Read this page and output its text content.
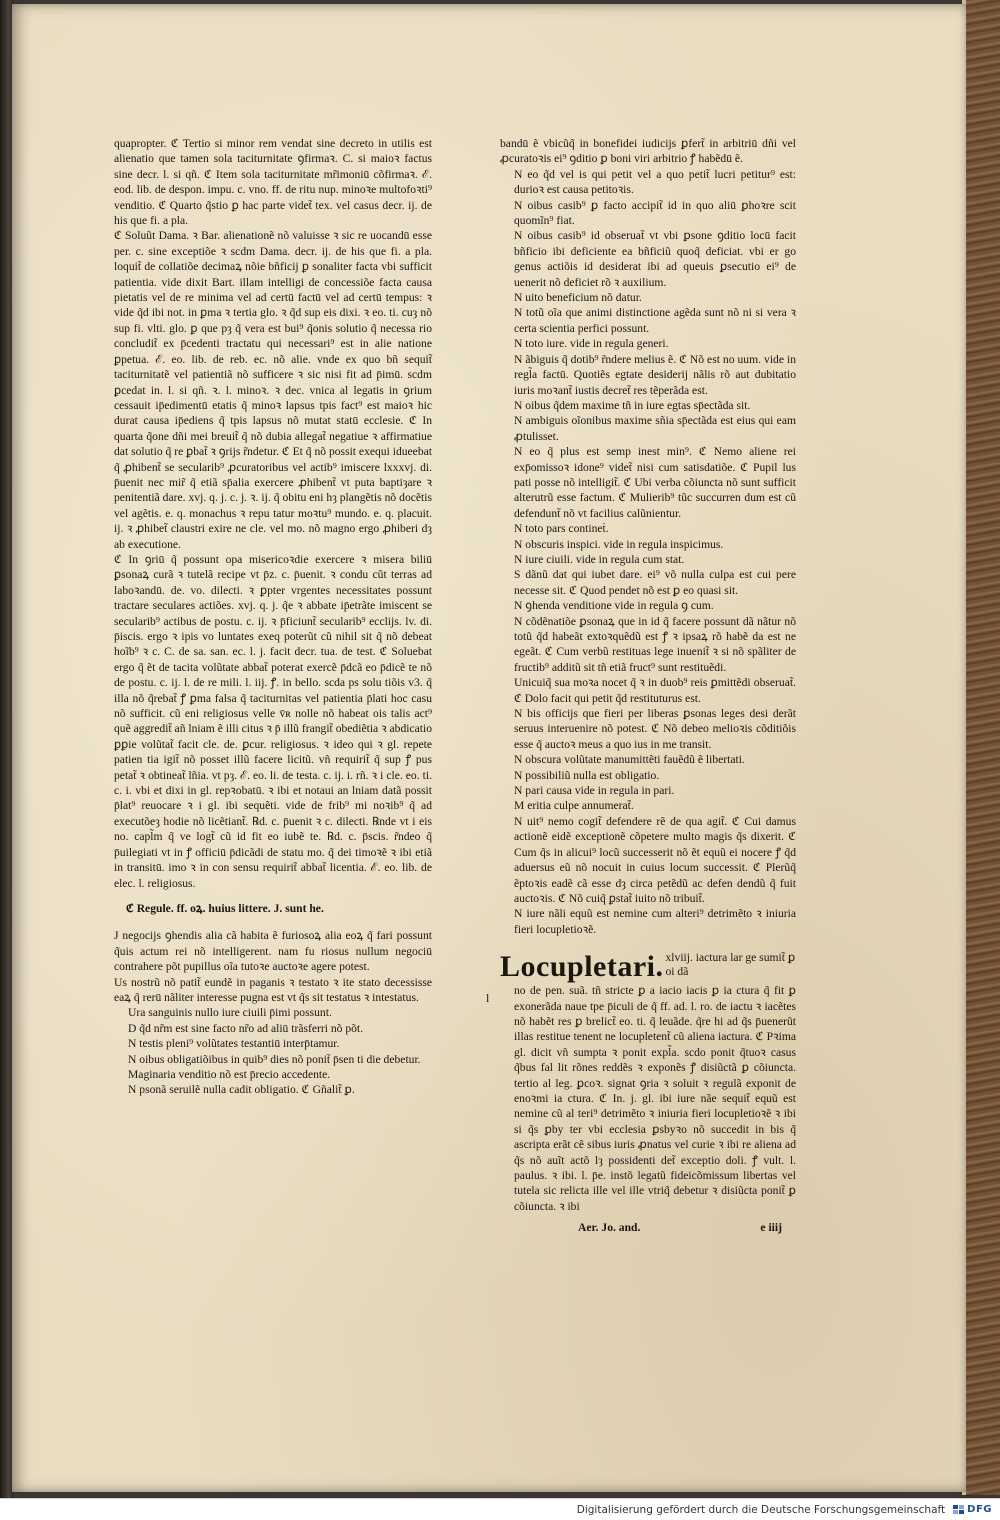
quapropter. ℭ Tertio si minor rem vendat sine decreto in utilis est alienatio que tamen sola taciturnitate ꝯfirmaꝛ. C. si maioꝛ factus sine decr. l. si qñ. ℭ Item sola taciturnitate mr̃imoniū cõfirmaꝛ. ℰ. eod. lib. de despon. impu. c. vno. ff. de ritu nup. minoꝛe multofoꝛti⁹ venditio. ℭ Quarto q̃stio ꝑ hac parte videt̃ tex. vel casus decr. ij. de his que fi. a pla.

ℭ Soluũt Dama. ꝛ Bar. alienationẽ nõ valuisse ꝛ sic re uocandū esse per. c. sine exceptiõe ꝛ scdm Dama. decr. ij. de his que fi. a pla. loquit̃ de collatiõe decimaꝝ nõie bñficij ꝑ sonaliter facta vbi sufficit patientia. vide dixit Bart. illam intelligi de concessiõe facta causa pietatis vel de re minima vel ad certū factū vel ad certū tempus: ꝛ vide q̃d ibi not. in ꝑma ꝛ tertia glo. ꝛ q̃d sup eis dixi. ꝛ eo. ti. cuȝ nõ sup fi. vlti. glo. ꝑ que pȝ q̃ vera est bui⁹ q̃onis solutio q̃ necessa rio concludit̃ ex p̄cedenti tractatu qui necessari⁹ est in alie natione ꝑpetua. ℰ. eo. lib. de reb. ec. nõ alie. vnde ex quo bñ sequit̃ taciturnitatẽ vel patientiã nõ sufficere ꝛ sic nisi fit ad p̄imū. scdm ꝑcedat in. l. si qñ. ꝛ. l. minoꝛ. ꝛ dec. vnica al legatis in ꝯrium cessauit ip̄edimentū etatis q̃ minoꝛ lapsus tpis fact⁹ est maioꝛ hic durat causa ip̄ediens q̃ tpis lapsus nõ mutat statū ecclesie. ℭ In quarta q̃one dñi mei breuit̃ q̃ nõ dubia allegat̃ negatiue ꝛ affirmatiue dat solutio q̃ re ꝑbat̃ ꝛ ꝯrijs r̃ndetur. ℭ Et q̃ nõ possit exequi idueebat q̃ ꝓhibent̃ se secularib⁹ ꝓcuratoribus vel actib⁹ imiscere lxxxvj. di. p̄uenit nec mir̃ q̃ etiã sp̄alia exercere ꝓhibent̃ vt puta baptiȝare ꝛ penitentiã dare. xvj. q. j. c. j. ꝛ. ij. q̃ obitu eni hȝ plangẽtis nõ docẽtis vel agẽtis. e. q. monachus ꝛ repu tatur moꝛtu⁹ mundo. e. q. placuit. ij. ꝛ ꝓhibet̃ claustri exire ne cle. vel mo. nõ magno ergo ꝓhiberi dȝ ab executione.

ℭ In ꝯriū q̃ possunt opa misericoꝛdie exercere ꝛ misera biliū ꝑsonaꝝ curã ꝛ tutelã recipe vt p̄z. c. p̄uenit. ꝛ condu cũt terras ad laboꝛandū. de. vo. dilecti. ꝛ ꝑpter vrgentes necessitates possunt tractare seculares actiões. xvj. q. j. q̃e ꝛ abbate ip̄etrãte imiscent se secularib⁹ actibus de postu. c. ij. ꝛ p̄ficiunt̃ secularib⁹ ecclijs. lv. di. p̄iscis. ergo ꝛ ipis vo luntates exeq poterũt cũ nihil sit q̃ nõ debeat hoĩb⁹ ꝛ c. C. de sa. san. ec. l. j. facit decr. tua. de test. ℭ Soluebat ergo q̃ ẽt de tacita volũtate abbat̃ poterat exercẽ p̄dcã eo p̄dicẽ te nõ de postu. c. ij. l. de re mili. l. iij. ꝭ. in bello. scda ps solu tiõis v3. q̃ illa nõ q̃rebat̃ ꝭ ꝑma falsa q̃ taciturnitas vel patientia p̄lati hoc casu nõ sufficit. cũ eni religiosus velle v̄ʀ nolle nõ habeat ois talis act⁹ quẽ aggredit̃ añ lniam ẽ illi citus ꝛ p̄ illũ frangit̃ obediẽtia ꝛ abdicatio ꝑꝑie volũtat̃ facit cle. de. ꝑcur. religiosus. ꝛ ideo qui ꝛ gl. repete patien tia igit̃ nõ posset illũ facere licitũ. vñ requirit̃ q̃ sup ꝭ pus petat̃ ꝛ obtineat̃ lñia. vt pȝ. ℰ. eo. li. de testa. c. ij. i. rñ. ꝛ i cle. eo. ti. c. i. vbi et dixi in gl. repꝛobatū. ꝛ ibi et notaui an lniam datã possit p̄lat⁹ reuocare ꝛ i gl. ibi sequẽti. vide de frib⁹ mi noꝛib⁹ q̃ ad executõeȝ hodie nõ licẽtiant̃. ℞d. c. p̄uenit ꝛ c. dilecti. ℞nde vt i eis no. capl̃m q̃ ve logt̃ cũ id fit eo iubẽ te. ℞d. c. p̄scis. r̃ndeo q̃ p̄uilegiati vt in ꝭ officiū p̄dicãdi de statu mo. q̃ dei timoꝛẽ ꝛ ibi etiã in transitū. imo ꝛ in con sensu requirit̃ abbat̃ licentia. ℰ. eo. lib. de elec. l. religiosus.

ℭ Regule. ff. oꝝ. huius littere. J. sunt he.

J negocijs ꝯhendis alia cã habita ẽ furiosoꝝ alia eoꝝ q̃ fari possunt q̃uis actum rei nõ intelligerent. nam fu riosus nullum negociū contrahere põt pupillus oĩa tutoꝛe auctoꝛe agere potest.

Us nostrũ nõ patit̃ eundẽ in paganis ꝛ testato ꝛ ite stato decessisse eaꝝ q̃ rerū nãliter interesse pugna est vt q̃s sit testatus ꝛ intestatus.

Ura sanguinis nullo iure ciuili p̄imi possunt.

D q̃d nr̃m est sine facto nr̃o ad aliū trãsferri nõ põt.

N testis pleni⁹ volũtates testantiū interp̄tamur.

N oibus obligatiõibus in quib⁹ dies nõ ponit̃ p̄sen ti die debetur.

Maginaria venditio nõ est p̄recio accedente.

N psonã seruilẽ nulla cadit obligatio. ℭ Gñalit̃ ꝑ.

bandū ẽ vbicũq̃ in bonefidei iudicijs ꝑfert̃ in arbitriū dñi vel ꝓcuratoꝛis ei⁹ ꝯditio ꝑ boni viri arbitrio ꝭ habẽdū ẽ.

N eo q̃d vel is qui petit vel a quo petit̃ lucri petitur⁹ est: durioꝛ est causa petitoꝛis.

N oibus casib⁹ ꝑ facto accipit̃ id in quo aliū ꝑhoꝛre scit quomĩn⁹ fiat.

N oibus casib⁹ id obseruat̃ vt vbi ꝑsone ꝯditio locū facit bñficio ibi deficiente ea bñficiũ quoq̃ deficiat. vbi er go genus actiõis id desiderat ibi ad queuis ꝑsecutio ei⁹ de uenerit nõ deficiet rõ ꝛ auxilium.

N uito beneficium nõ datur.

N totũ oĩa que animi distinctione agẽda sunt nõ ni si vera ꝛ certa scientia perfici possunt.

N toto iure. vide in regula generi.

N ãbiguis q̃ dotib⁹ r̃ndere melius ẽ. ℭ Nõ est no uum. vide in regl̃a factū. Quotiẽs egtate desiderij nãlis rõ aut dubitatio iuris moꝛant̃ iustis decret̃ res tẽperãda est.

N oibus q̃dem maxime tñ in iure egtas sp̄ectãda sit.

N ambiguis oĩonibus maxime sñia sp̄ectãda est eius qui eam ꝓtulisset.

N eo q̃ plus est semp inest min⁹. ℭ Nemo aliene rei exp̄omissoꝛ idone⁹ videt̃ nisi cum satisdatiõe. ℭ Pupil lus pati posse nõ intelligit̃. ℭ Ubi verba cõiuncta nõ sunt sufficit alterutrũ esse factum. ℭ Mulierib⁹ tũc succurren dum est cũ defendunt̃ nõ vt facilius calũnientur.

N toto pars contineṫ.

N obscuris inspici. vide in regula inspicimus.

N iure ciuili. vide in regula cum stat.

S dãnũ dat qui iubet dare. ei⁹ võ nulla culpa est cui pere necesse sit. ℭ Quod pendet nõ est ꝑ eo quasi sit.

N ꝯhenda venditione vide in regula ꝯ cum.

N cõdẽnatiõe ꝑsonaꝝ que in id q̃ facere possunt dã nãtur nõ totũ q̃d habeãt extoꝛquẽdũ est ꝭ ꝛ ipsaꝝ rõ habẽ da est ne egeãt. ℭ Cum verbũ restituas lege inuenit̃ ꝛ si nõ spãliter de fructib⁹ additũ sit tñ etiã fruct⁹ sunt restituẽdi.

Unicuiq̃ sua moꝛa nocet q̃ ꝛ in duob⁹ reis ꝑmittẽdi obseruat̃. ℭ Dolo facit qui petit q̃d restituturus est.

N bis officijs que fieri per liberas ꝑsonas leges desi derãt seruus interuenire nõ potest. ℭ Nõ debeo melioꝛis cõditiõis esse q̃ auctoꝛ meus a quo ius in me transit.

N obscura volũtate manumittẽti fauẽdũ ẽ libertati.

N possibiliũ nulla est obligatio.

N pari causa vide in regula in pari.

M eritia culpe annumerat̃.

N uit⁹ nemo cogit̃ defendere rẽ de qua agit̃. ℭ Cui damus actionẽ eidẽ exceptionẽ cõpetere multo magis q̃s dixerit. ℭ Cum q̃s in alicui⁹ locũ successerit nõ ẽt equũ ei nocere ꝭ q̃d aduersus eũ nõ nocuit in cuius locum successit. ℭ Plerũq̃ ẽptoꝛis eadẽ cã esse dȝ circa petẽdũ ac defen dendũ q̃ fuit auctoꝛis. ℭ Nõ cuiq̃ ꝑstat̃ iuito nõ tribuit̃.

N iure nãli equũ est nemine cum alteri⁹ detrimẽto ꝛ iniuria fieri locupletioꝛẽ.

l
Locupletari. xlviij. iactura lar ge sumit̃ ꝑ oi dã

no de pen. suã. tñ stricte ꝑ a iacio iacis ꝑ ia ctura q̃ fit ꝑ exonerãda naue tpe p̄iculi de q̃ ff. ad. l. ro. de iactu ꝛ iacẽtes nõ habẽt res ꝑ brelict̃ eo. ti. q̃ leuãde. q̃re hi ad q̃s p̄uenerũt illas restitue tenent ne locupletent̃ cũ aliena iactura. ℭ Pꝛima gl. dicit vñ sumpta ꝛ ponit expl̃a. scdo ponit q̃tuoꝛ casus q̃bus fal lit rõnes reddẽs ꝛ exponẽs ꝭ disiũctã ꝑ cõiuncta. tertio al leg. ꝑcoꝛ. signat ꝯria ꝛ soluit ꝛ regulã exponit de enoꝛmi ia ctura. ℭ In. j. gl. ibi iure nãe sequit̃ equũ est nemine cũ al teri⁹ detrimẽto ꝛ iniuria fieri locupletioꝛẽ ꝛ ibi si q̃s ꝑby ter vbi ecclesia ꝑsbyꝛo nõ succedit in bis q̃ ascripta erãt cẽ sibus iuris ꝓnatus vel curie ꝛ ibi re aliena ad q̃s nõ auĩt actõ lȝ possidenti det̃ exceptio doli. ꝭ vult. l. paulus. ꝛ ibi. l. p̄e. instõ legatũ fideicõmissum libertas vel tutela sic relicta ille vel ille vtriq̃ debetur ꝛ disiũcta ponit̃ ꝑ cõiuncta. ꝛ ibi

Aer. Jo. and.	e iiij
Digitalisierung gefördert durch die Deutsche Forschungsgemeinschaft DFG
